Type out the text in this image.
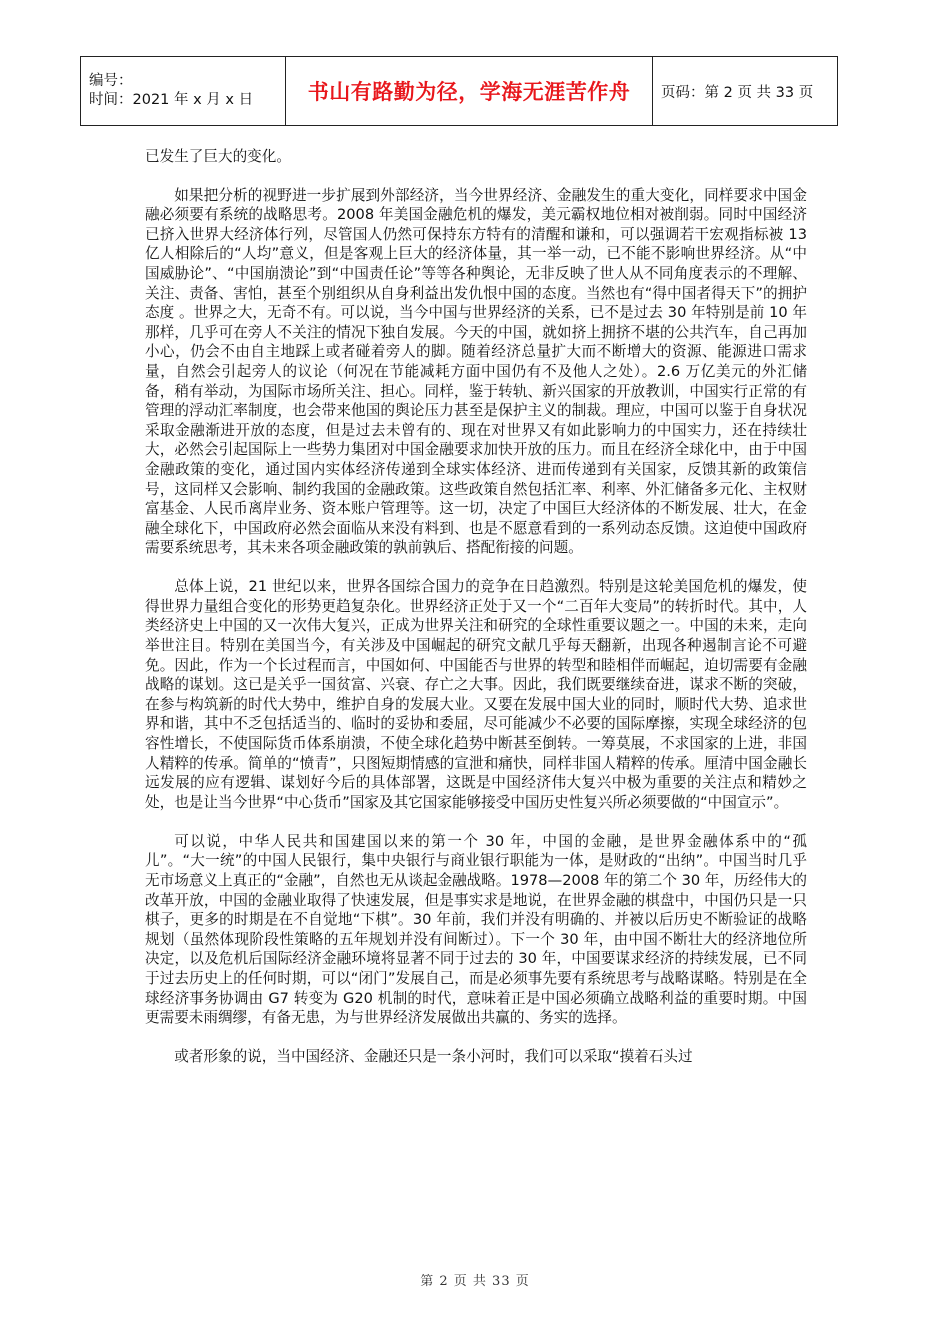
编号：
时间：2021 年 x 月 x 日	书山有路勤为径，学海无涯苦作舟	页码：第 2 页 共 33 页

已发生了巨大的变化。

如果把分析的视野进一步扩展到外部经济，当今世界经济、金融发生的重大变化，同样要求中国金融必须要有系统的战略思考。2008 年美国金融危机的爆发，美元霸权地位相对被削弱。同时中国经济已挤入世界大经济体行列，尽管国人仍然可保持东方特有的清醒和谦和，可以强调若干宏观指标被 13 亿人相除后的“人均”意义，但是客观上巨大的经济体量，其一举一动，已不能不影响世界经济。从“中国威胁论”、“中国崩溃论”到“中国责任论”等等各种舆论，无非反映了世人从不同角度表示的不理解、关注、责备、害怕，甚至个别组织从自身利益出发仇恨中国的态度。当然也有“得中国者得天下”的拥护态度 。世界之大，无奇不有。可以说，当今中国与世界经济的关系，已不是过去 30 年特别是前 10 年那样，几乎可在旁人不关注的情况下独自发展。今天的中国，就如挤上拥挤不堪的公共汽车，自己再加小心，仍会不由自主地踩上或者碰着旁人的脚。随着经济总量扩大而不断增大的资源、能源进口需求量，自然会引起旁人的议论（何况在节能减耗方面中国仍有不及他人之处）。2.6 万亿美元的外汇储备，稍有举动，为国际市场所关注、担心。同样，鉴于转轨、新兴国家的开放教训，中国实行正常的有管理的浮动汇率制度，也会带来他国的舆论压力甚至是保护主义的制裁。理应，中国可以鉴于自身状况采取金融渐进开放的态度，但是过去未曾有的、现在对世界又有如此影响力的中国实力，还在持续壮大，必然会引起国际上一些势力集团对中国金融要求加快开放的压力。而且在经济全球化中，由于中国金融政策的变化，通过国内实体经济传递到全球实体经济、进而传递到有关国家，反馈其新的政策信号，这同样又会影响、制约我国的金融政策。这些政策自然包括汇率、利率、外汇储备多元化、主权财富基金、人民币离岸业务、资本账户管理等。这一切，决定了中国巨大经济体的不断发展、壮大，在金融全球化下，中国政府必然会面临从来没有料到、也是不愿意看到的一系列动态反馈。这迫使中国政府需要系统思考，其未来各项金融政策的孰前孰后、搭配衔接的问题。

总体上说，21 世纪以来，世界各国综合国力的竞争在日趋激烈。特别是这轮美国危机的爆发，使得世界力量组合变化的形势更趋复杂化。世界经济正处于又一个“二百年大变局”的转折时代。其中，人类经济史上中国的又一次伟大复兴，正成为世界关注和研究的全球性重要议题之一。中国的未来，走向举世注目。特别在美国当今，有关涉及中国崛起的研究文献几乎每天翻新，出现各种遏制言论不可避免。因此，作为一个长过程而言，中国如何、中国能否与世界的转型和睦相伴而崛起，迫切需要有金融战略的谋划。这已是关乎一国贫富、兴衰、存亡之大事。因此，我们既要继续奋进，谋求不断的突破，在参与构筑新的时代大势中，维护自身的发展大业。又要在发展中国大业的同时，顺时代大势、追求世界和谐，其中不乏包括适当的、临时的妥协和委屈，尽可能减少不必要的国际摩擦，实现全球经济的包容性增长，不使国际货币体系崩溃，不使全球化趋势中断甚至倒转。一筹莫展，不求国家的上进，非国人精粹的传承。简单的“愤青”，只图短期情感的宣泄和痛快，同样非国人精粹的传承。厘清中国金融长远发展的应有逻辑、谋划好今后的具体部署，这既是中国经济伟大复兴中极为重要的关注点和精妙之处，也是让当今世界“中心货币”国家及其它国家能够接受中国历史性复兴所必须要做的“中国宣示”。

可以说，中华人民共和国建国以来的第一个 30 年，中国的金融，是世界金融体系中的“孤儿”。“大一统”的中国人民银行，集中央银行与商业银行职能为一体，是财政的“出纳”。中国当时几乎无市场意义上真正的“金融”，自然也无从谈起金融战略。1978—2008 年的第二个 30 年，历经伟大的改革开放，中国的金融业取得了快速发展，但是事实求是地说，在世界金融的棋盘中，中国仍只是一只棋子，更多的时期是在不自觉地“下棋”。30 年前，我们并没有明确的、并被以后历史不断验证的战略规划（虽然体现阶段性策略的五年规划并没有间断过）。下一个 30 年，由中国不断壮大的经济地位所决定，以及危机后国际经济金融环境将显著不同于过去的 30 年，中国要谋求经济的持续发展，已不同于过去历史上的任何时期，可以“闭门”发展自己，而是必须事先要有系统思考与战略谋略。特别是在全球经济事务协调由 G7 转变为 G20 机制的时代，意味着正是中国必须确立战略利益的重要时期。中国更需要未雨绸缪，有备无患，为与世界经济发展做出共赢的、务实的选择。

或者形象的说，当中国经济、金融还只是一条小河时，我们可以采取“摸着石头过

第 2 页 共 33 页
